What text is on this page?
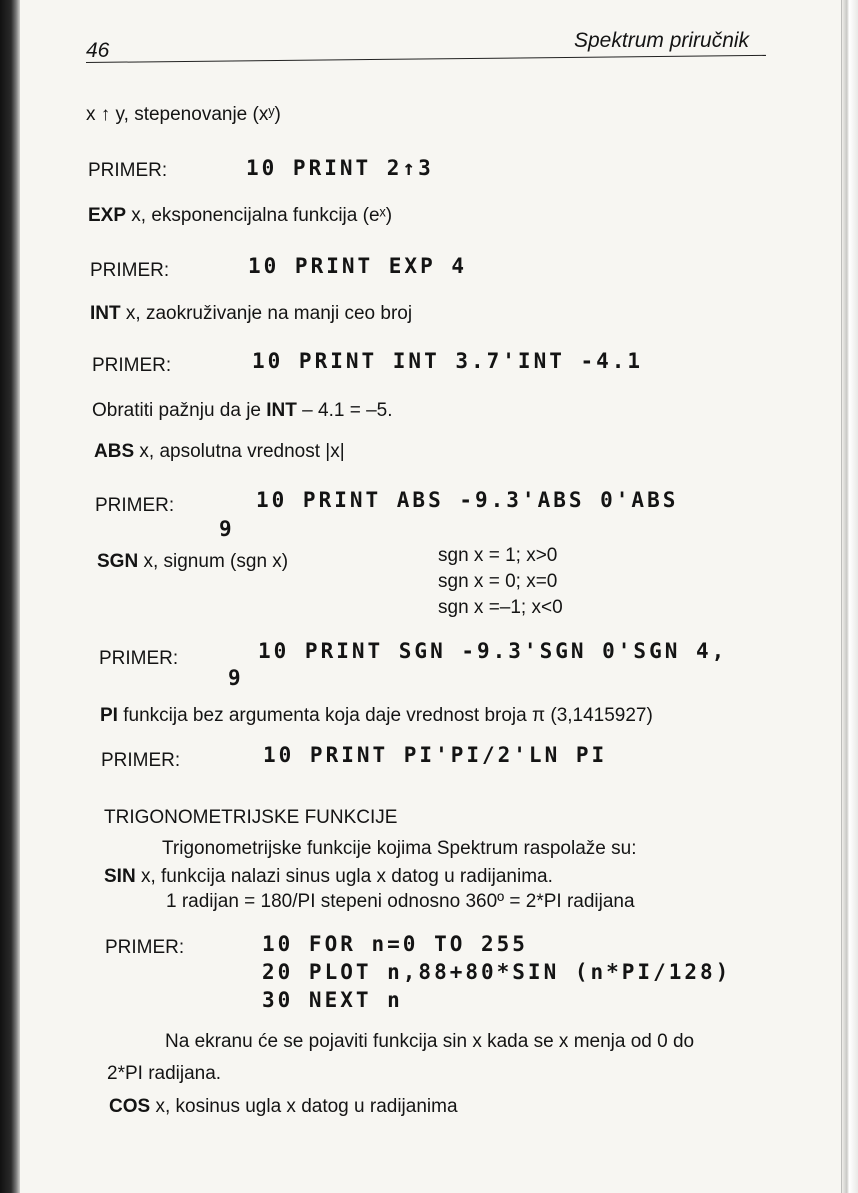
46	Spektrum priručnik
x ↑ y, stepenovanje (xʸ)
PRIMER:	10 PRINT 2↑3
EXP x, eksponencijalna funkcija (eˣ)
PRIMER:	10 PRINT EXP 4
INT x, zaokruživanje na manji ceo broj
PRIMER:	10 PRINT INT 3.7'INT -4.1
Obratiti pažnju da je INT – 4.1 = –5.
ABS x, apsolutna vrednost |x|
PRIMER:	10 PRINT ABS -9.3'ABS 0'ABS
9
SGN x, signum (sgn x)	sgn x = 1; x>0
sgn x = 0; x=0
sgn x =–1; x<0
PRIMER:	10 PRINT SGN -9.3'SGN 0'SGN 4,
9
PI funkcija bez argumenta koja daje vrednost broja π (3,1415927)
PRIMER:	10 PRINT PI'PI/2'LN PI
TRIGONOMETRIJSKE FUNKCIJE
Trigonometrijske funkcije kojima Spektrum raspolaže su:
SIN x, funkcija nalazi sinus ugla x datog u radijanima.
1 radijan = 180/PI stepeni odnosno 360º = 2*PI radijana
PRIMER:	10 FOR n=0 TO 255
20 PLOT n,88+80*SIN (n*PI/128)
30 NEXT n
Na ekranu će se pojaviti funkcija sin x kada se x menja od 0 do
2*PI radijana.
COS x, kosinus ugla x datog u radijanima
